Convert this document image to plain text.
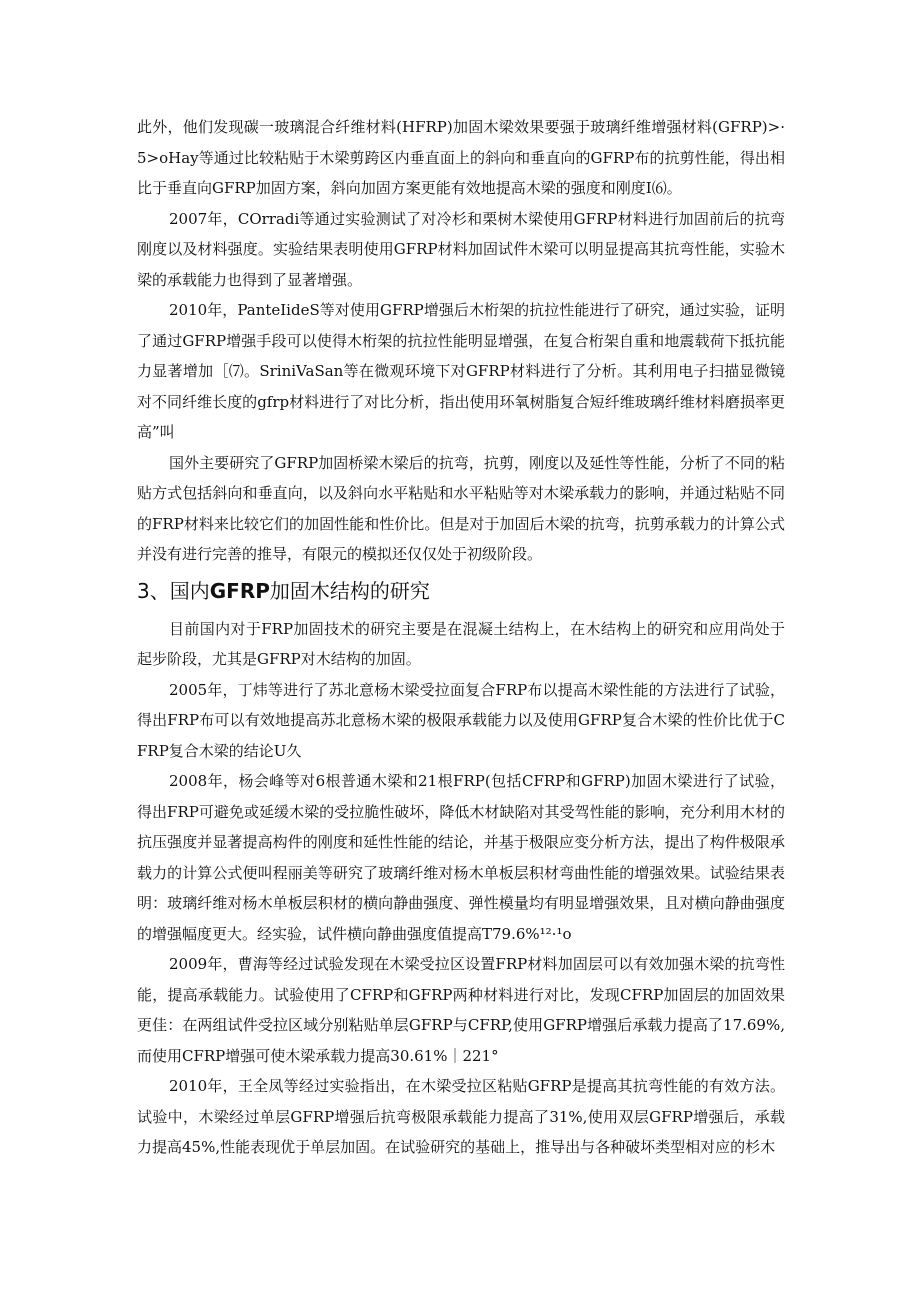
此外，他们发现碳一玻璃混合纤维材料(HFRP)加固木梁效果要强于玻璃纤维增强材料(GFRP)>·5>oHay等通过比较粘贴于木梁剪跨区内垂直面上的斜向和垂直向的GFRP布的抗剪性能，得出相比于垂直向GFRP加固方案，斜向加固方案更能有效地提高木梁的强度和刚度I⑹。

2007年，COrradi等通过实验测试了对冷杉和栗树木梁使用GFRP材料进行加固前后的抗弯刚度以及材料强度。实验结果表明使用GFRP材料加固试件木梁可以明显提高其抗弯性能，实验木梁的承载能力也得到了显著增强。

2010年，PanteIideS等对使用GFRP增强后木桁架的抗拉性能进行了研究，通过实验，证明了通过GFRP增强手段可以使得木桁架的抗拉性能明显增强，在复合桁架自重和地震载荷下抵抗能力显著增加［⑺。SriniVaSan等在微观环境下对GFRP材料进行了分析。其利用电子扫描显微镜对不同纤维长度的gfrp材料进行了对比分析，指出使用环氧树脂复合短纤维玻璃纤维材料磨损率更高”叫

国外主要研究了GFRP加固桥梁木梁后的抗弯，抗剪，刚度以及延性等性能，分析了不同的粘贴方式包括斜向和垂直向，以及斜向水平粘贴和水平粘贴等对木梁承载力的影响，并通过粘贴不同的FRP材料来比较它们的加固性能和性价比。但是对于加固后木梁的抗弯，抗剪承载力的计算公式并没有进行完善的推导，有限元的模拟还仅仅处于初级阶段。

3、国内GFRP加固木结构的研究

目前国内对于FRP加固技术的研究主要是在混凝土结构上，在木结构上的研究和应用尚处于起步阶段，尤其是GFRP对木结构的加固。

2005年，丁炜等进行了苏北意杨木梁受拉面复合FRP布以提高木梁性能的方法进行了试验，得出FRP布可以有效地提高苏北意杨木梁的极限承载能力以及使用GFRP复合木梁的性价比优于CFRP复合木梁的结论U久

2008年，杨会峰等对6根普通木梁和21根FRP(包括CFRP和GFRP)加固木梁进行了试验，得出FRP可避免或延缓木梁的受拉脆性破坏，降低木材缺陷对其受驾性能的影响，充分利用木材的抗压强度并显著提高构件的刚度和延性性能的结论，并基于极限应变分析方法，提出了构件极限承载力的计算公式便叫程丽美等研究了玻璃纤维对杨木单板层积材弯曲性能的增强效果。试验结果表明：玻璃纤维对杨木单板层积材的横向静曲强度、弹性模量均有明显增强效果，且对横向静曲强度的增强幅度更大。经实验，试件横向静曲强度值提高T79.6%¹²·¹o

2009年，曹海等经过试验发现在木梁受拉区设置FRP材料加固层可以有效加强木梁的抗弯性能，提高承载能力。试验使用了CFRP和GFRP两种材料进行对比，发现CFRP加固层的加固效果更佳：在两组试件受拉区域分别粘贴单层GFRP与CFRP,使用GFRP增强后承载力提高了17.69%,而使用CFRP增强可使木梁承载力提高30.61%｜221°

2010年，王全凤等经过实验指出，在木梁受拉区粘贴GFRP是提高其抗弯性能的有效方法。试验中，木梁经过单层GFRP增强后抗弯极限承载能力提高了31%,使用双层GFRP增强后，承载力提高45%,性能表现优于单层加固。在试验研究的基础上，推导出与各种破坏类型相对应的杉木
